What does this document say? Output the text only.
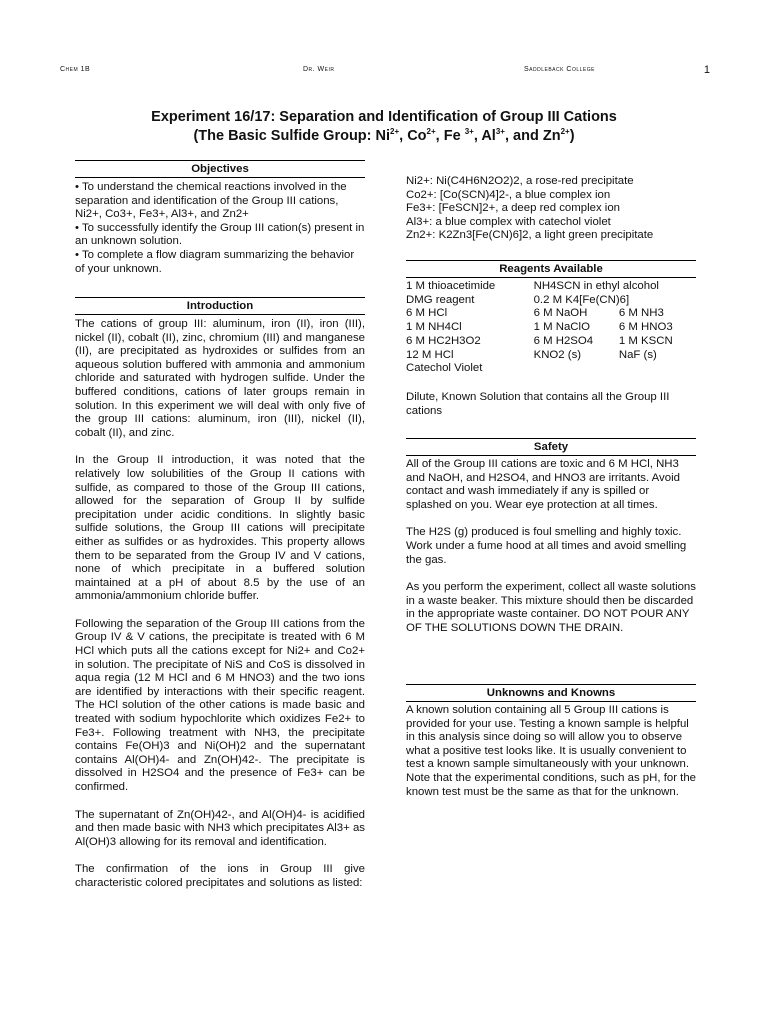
Chem 1B	Dr. Weir	Saddleback College	1
Experiment 16/17: Separation and Identification of Group III Cations
(The Basic Sulfide Group: $Ni^{2+}$, $Co^{2+}$, Fe $^{3+}$, $Al^{3+}$, and $Zn^{2+}$)
Objectives

• To understand the chemical reactions involved in the separation and identification of the Group III cations, Ni2+, Co3+, Fe3+, Al3+, and Zn2+

• To successfully identify the Group III cation(s) present in an unknown solution.

• To complete a flow diagram summarizing the behavior of your unknown.

Introduction

The cations of group III: aluminum, iron (II), iron (III), nickel (II), cobalt (II), zinc, chromium (III) and manganese (II), are precipitated as hydroxides or sulfides from an aqueous solution buffered with ammonia and ammonium chloride and saturated with hydrogen sulfide. Under the buffered conditions, cations of later groups remain in solution. In this experiment we will deal with only five of the group III cations: aluminum, iron (III), nickel (II), cobalt (II), and zinc.

In the Group II introduction, it was noted that the relatively low solubilities of the Group II cations with sulfide, as compared to those of the Group III cations, allowed for the separation of Group II by sulfide precipitation under acidic conditions. In slightly basic sulfide solutions, the Group III cations will precipitate either as sulfides or as hydroxides. This property allows them to be separated from the Group IV and V cations, none of which precipitate in a buffered solution maintained at a pH of about 8.5 by the use of an ammonia/ammonium chloride buffer.

Following the separation of the Group III cations from the Group IV & V cations, the precipitate is treated with 6 M HCl which puts all the cations except for Ni2+ and Co2+ in solution. The precipitate of NiS and CoS is dissolved in aqua regia (12 M HCl and 6 M HNO3) and the two ions are identified by interactions with their specific reagent. The HCl solution of the other cations is made basic and treated with sodium hypochlorite which oxidizes Fe2+ to Fe3+. Following treatment with NH3, the precipitate contains Fe(OH)3 and Ni(OH)2 and the supernatant contains Al(OH)4- and Zn(OH)42-. The precipitate is dissolved in H2SO4 and the presence of Fe3+ can be confirmed.

The supernatant of Zn(OH)42-, and Al(OH)4- is acidified and then made basic with NH3 which precipitates Al3+ as Al(OH)3 allowing for its removal and identification.

The confirmation of the ions in Group III give characteristic colored precipitates and solutions as listed:

Ni2+: Ni(C4H6N2O2)2, a rose-red precipitate

Co2+: [Co(SCN)4]2-, a blue complex ion

Fe3+: [FeSCN]2+, a deep red complex ion

Al3+: a blue complex with catechol violet

Zn2+: K2Zn3[Fe(CN)6]2, a light green precipitate

Reagents Available
1 M thioacetimide	NH4SCN in ethyl alcohol	
DMG reagent	0.2 M K4[Fe(CN)6]	
6 M HCl	6 M NaOH	6 M NH3
1 M NH4Cl	1 M NaClO	6 M HNO3
6 M HC2H3O2	6 M H2SO4	1 M KSCN
12 M HCl	KNO2 (s)	NaF (s)
Catechol Violet		

Dilute, Known Solution that contains all the Group III cations

Safety

All of the Group III cations are toxic and 6 M HCl, NH3 and NaOH, and H2SO4, and HNO3 are irritants. Avoid contact and wash immediately if any is spilled or splashed on you. Wear eye protection at all times.

The H2S (g) produced is foul smelling and highly toxic. Work under a fume hood at all times and avoid smelling the gas.

As you perform the experiment, collect all waste solutions in a waste beaker. This mixture should then be discarded in the appropriate waste container. DO NOT POUR ANY OF THE SOLUTIONS DOWN THE DRAIN.

Unknowns and Knowns

A known solution containing all 5 Group III cations is provided for your use. Testing a known sample is helpful in this analysis since doing so will allow you to observe what a positive test looks like. It is usually convenient to test a known sample simultaneously with your unknown. Note that the experimental conditions, such as pH, for the known test must be the same as that for the unknown.
